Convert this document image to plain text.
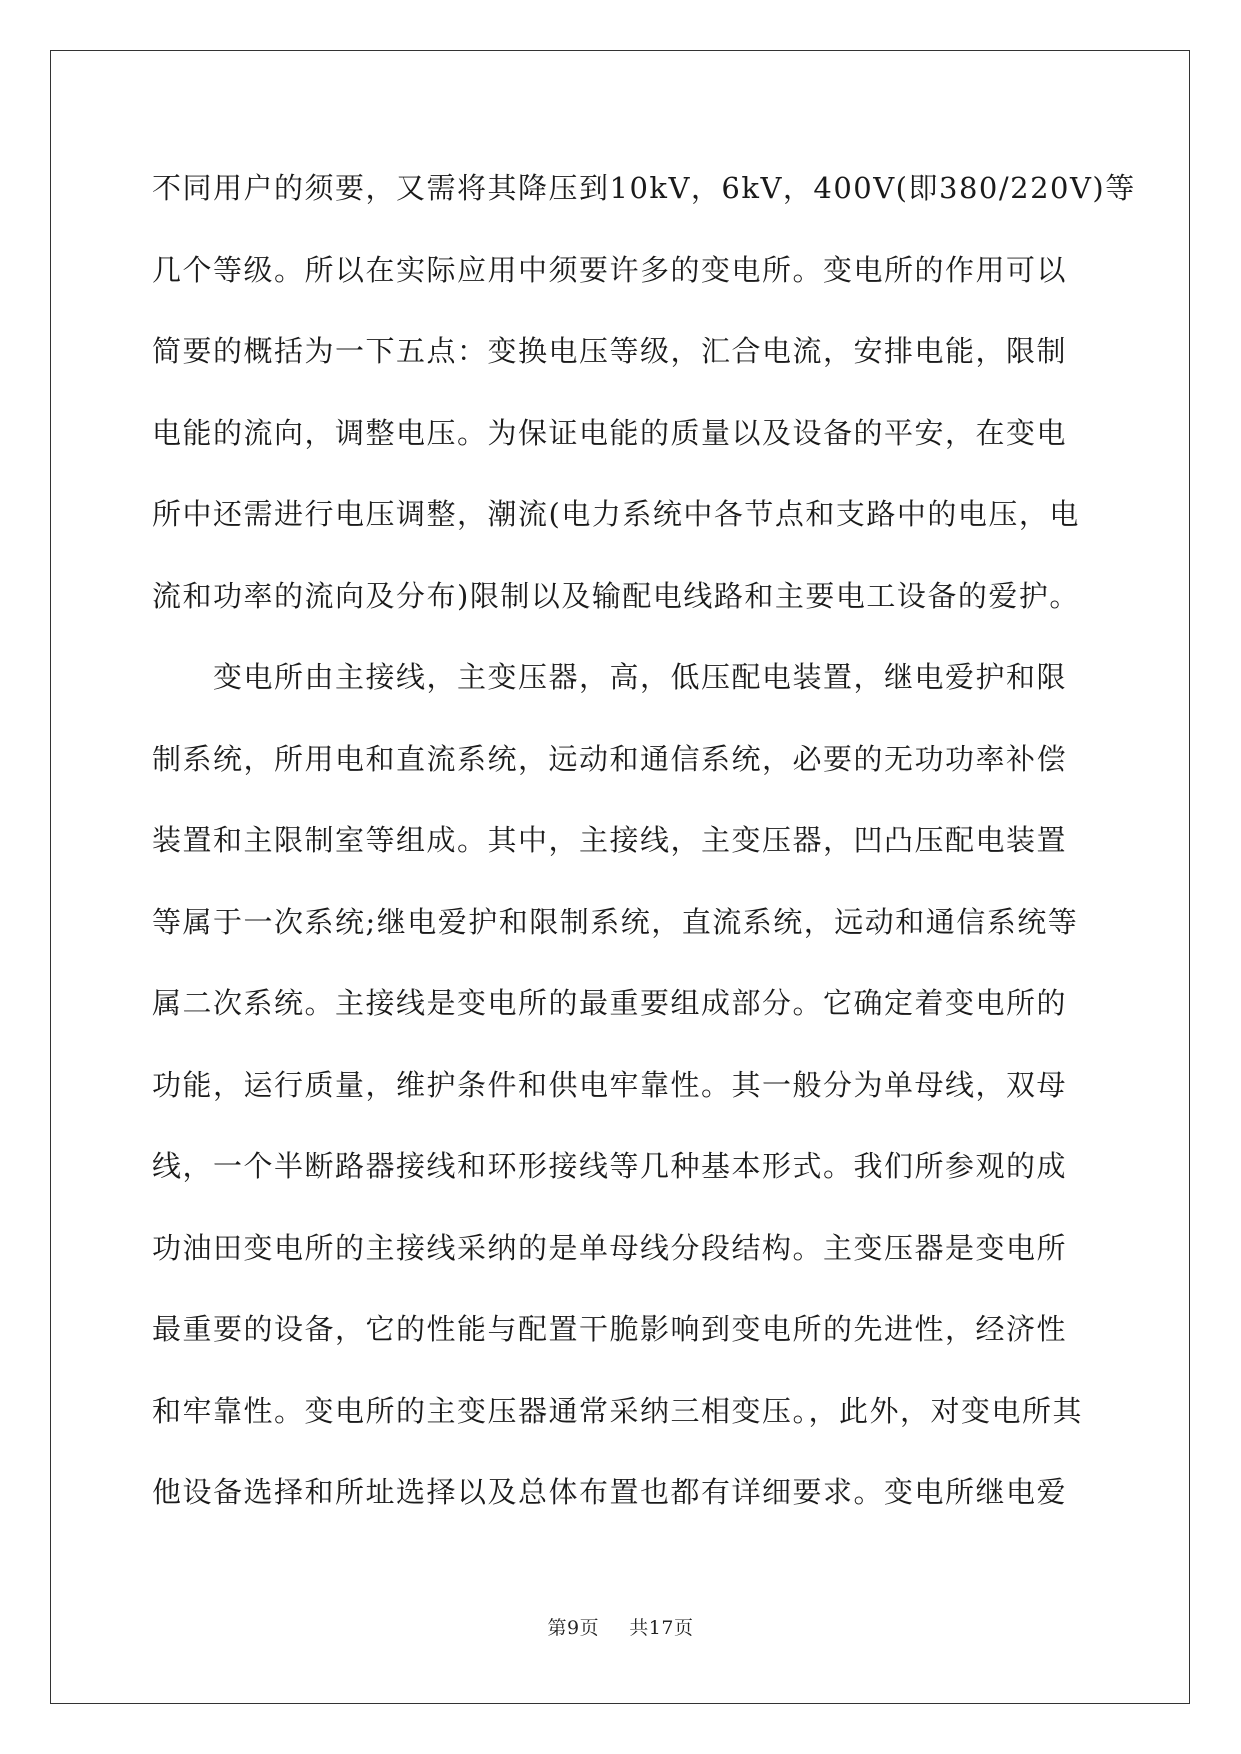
不同用户的须要，又需将其降压到10kV，6kV，400V(即380/220V)等
几个等级。所以在实际应用中须要许多的变电所。变电所的作用可以
简要的概括为一下五点：变换电压等级，汇合电流，安排电能，限制
电能的流向，调整电压。为保证电能的质量以及设备的平安，在变电
所中还需进行电压调整，潮流(电力系统中各节点和支路中的电压，电
流和功率的流向及分布)限制以及输配电线路和主要电工设备的爱护。
变电所由主接线，主变压器，高，低压配电装置，继电爱护和限
制系统，所用电和直流系统，远动和通信系统，必要的无功功率补偿
装置和主限制室等组成。其中，主接线，主变压器，凹凸压配电装置
等属于一次系统;继电爱护和限制系统，直流系统，远动和通信系统等
属二次系统。主接线是变电所的最重要组成部分。它确定着变电所的
功能，运行质量，维护条件和供电牢靠性。其一般分为单母线，双母
线，一个半断路器接线和环形接线等几种基本形式。我们所参观的成
功油田变电所的主接线采纳的是单母线分段结构。主变压器是变电所
最重要的设备，它的性能与配置干脆影响到变电所的先进性，经济性
和牢靠性。变电所的主变压器通常采纳三相变压。，此外，对变电所其
他设备选择和所址选择以及总体布置也都有详细要求。变电所继电爱
第9页 共17页
